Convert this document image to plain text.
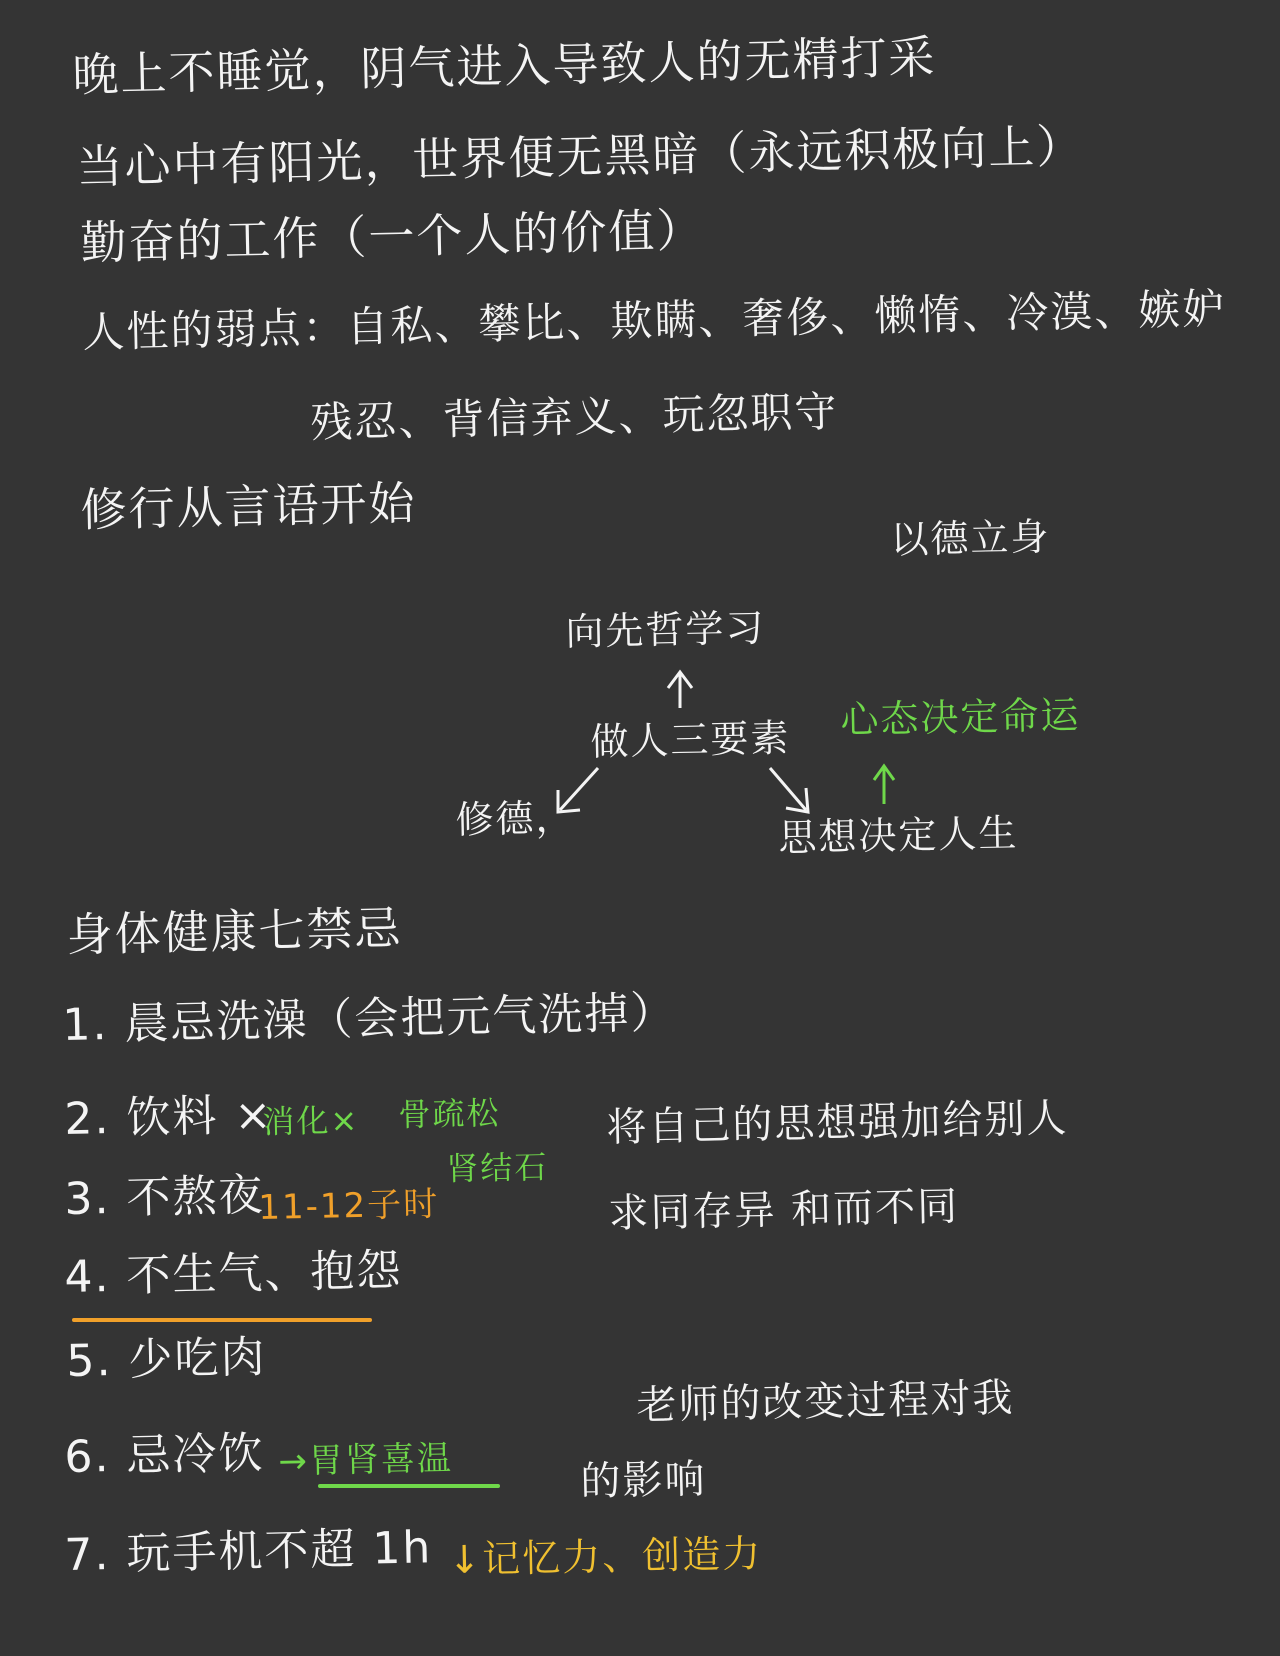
晚上不睡觉，阴气进入导致人的无精打采
当心中有阳光，世界便无黑暗（永远积极向上）
勤奋的工作（一个人的价值）
人性的弱点：自私、攀比、欺瞒、奢侈、懒惰、冷漠、嫉妒
残忍、背信弃义、玩忽职守
修行从言语开始
以德立身
向先哲学习
做人三要素 心态决定命运
修德，	思想决定人生
身体健康七禁忌
1. 晨忌洗澡（会把元气洗掉）
2. 饮料 ×
消化× 骨疏松
肾结石
3. 不熬夜
11-12子时
4. 不生气、抱怨
5. 少吃肉
6. 忌冷饮 →胃肾喜温
7. 玩手机不超 1h ↓记忆力、创造力
将自己的思想强加给别人
求同存异 和而不同
老师的改变过程对我
的影响
